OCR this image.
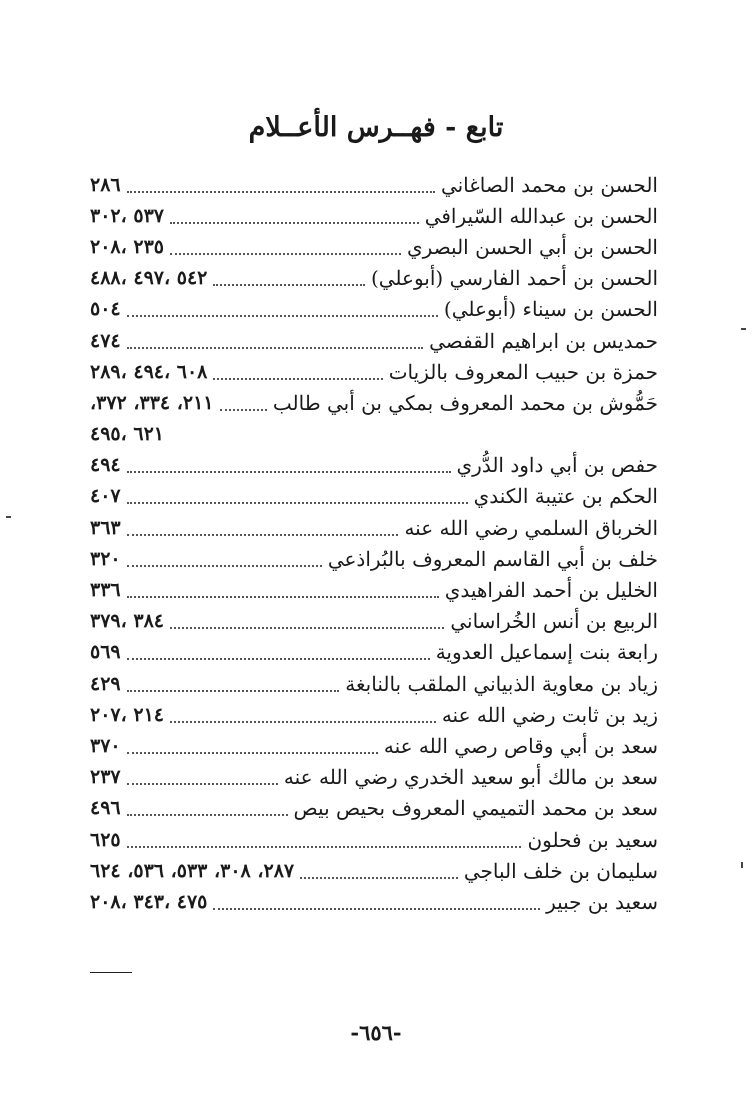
تابع - فهــرس الأعــلام
الحسن بن محمد الصاغاني
٢٨٦
الحسن بن عبدالله السّيرافي
٥٣٧ ،٣٠٢
الحسن بن أبي الحسن البصري
٢٣٥ ،٢٠٨
الحسن بن أحمد الفارسي (أبوعلي)
٥٤٢ ،٤٩٧ ،٤٨٨
الحسن بن سيناء (أبوعلي)
٥٠٤
حمديس بن ابراهيم القفصي
٤٧٤
حمزة بن حبيب المعروف بالزيات
٦٠٨ ،٤٩٤ ،٢٨٩
حَمُّوش بن محمد المعروف بمكي بن أبي طالب
٢١١، ٣٣٤، ٣٧٢،
٦٢١ ،٤٩٥
حفص بن أبي داود الدُّري
٤٩٤
الحكم بن عتيبة الكندي
٤٠٧
الخرباق السلمي رضي الله عنه
٣٦٣
خلف بن أبي القاسم المعروف بالبُراذعي
٣٢٠
الخليل بن أحمد الفراهيدي
٣٣٦
الربيع بن أنس الخُراساني
٣٨٤ ،٣٧٩
رابعة بنت إسماعيل العدوية
٥٦٩
زياد بن معاوية الذبياني الملقب بالنابغة
٤٢٩
زيد بن ثابت رضي الله عنه
٢١٤ ،٢٠٧
سعد بن أبي وقاص رصي الله عنه
٣٧٠
سعد بن مالك أبو سعيد الخدري رضي الله عنه
٢٣٧
سعد بن محمد التميمي المعروف بحيص بيص
٤٩٦
سعيد بن فحلون
٦٢٥
سليمان بن خلف الباجي
٢٨٧، ٣٠٨، ٥٣٣، ٥٣٦، ٦٢٤
سعيد بن جبير
٤٧٥ ،٣٤٣ ،٢٠٨
-٦٥٦-
